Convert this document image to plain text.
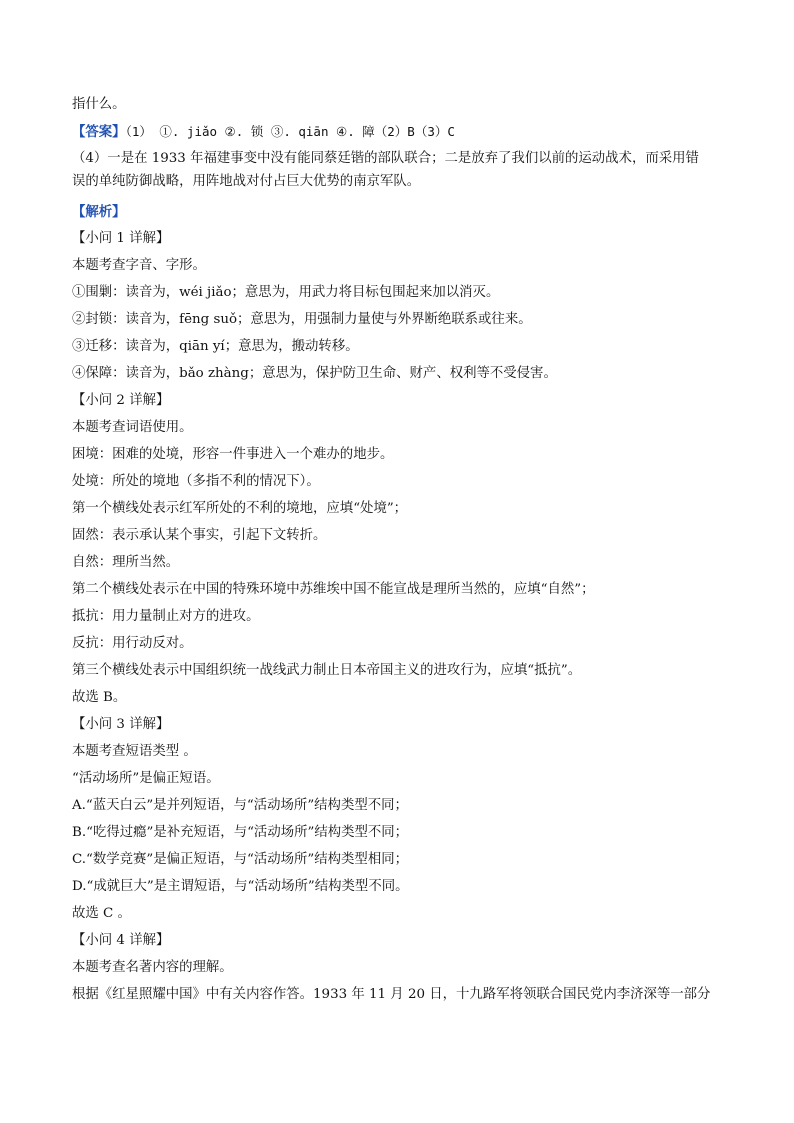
指什么。
【答案】（1） ①. jiǎo ②. 锁 ③. qiān ④. 障（2）B（3）C
（4）一是在 1933 年福建事变中没有能同蔡廷锴的部队联合；二是放弃了我们以前的运动战术，而采用错
误的单纯防御战略，用阵地战对付占巨大优势的南京军队。
【解析】
【小问 1 详解】
本题考查字音、字形。
①围剿：读音为，wéi jiǎo；意思为，用武力将目标包围起来加以消灭。
②封锁：读音为，fēng suǒ；意思为，用强制力量使与外界断绝联系或往来。
③迁移：读音为，qiān yí；意思为，搬动转移。
④保障：读音为，bǎo zhàng；意思为，保护防卫生命、财产、权利等不受侵害。
【小问 2 详解】
本题考查词语使用。
困境：困难的处境，形容一件事进入一个难办的地步。
处境：所处的境地（多指不利的情况下）。
第一个横线处表示红军所处的不利的境地，应填“处境”；
固然：表示承认某个事实，引起下文转折。
自然：理所当然。
第二个横线处表示在中国的特殊环境中苏维埃中国不能宣战是理所当然的，应填“自然”；
抵抗：用力量制止对方的进攻。
反抗：用行动反对。
第三个横线处表示中国组织统一战线武力制止日本帝国主义的进攻行为，应填“抵抗”。
故选 B。
【小问 3 详解】
本题考查短语类型 。
“活动场所”是偏正短语。
A.“蓝天白云”是并列短语，与“活动场所”结构类型不同；
B.“吃得过瘾”是补充短语，与“活动场所”结构类型不同；
C.“数学竞赛”是偏正短语，与“活动场所”结构类型相同；
D.“成就巨大”是主谓短语，与“活动场所”结构类型不同。
故选 C 。
【小问 4 详解】
本题考查名著内容的理解。
根据《红星照耀中国》中有关内容作答。1933 年 11 月 20 日，十九路军将领联合国民党内李济深等一部分
